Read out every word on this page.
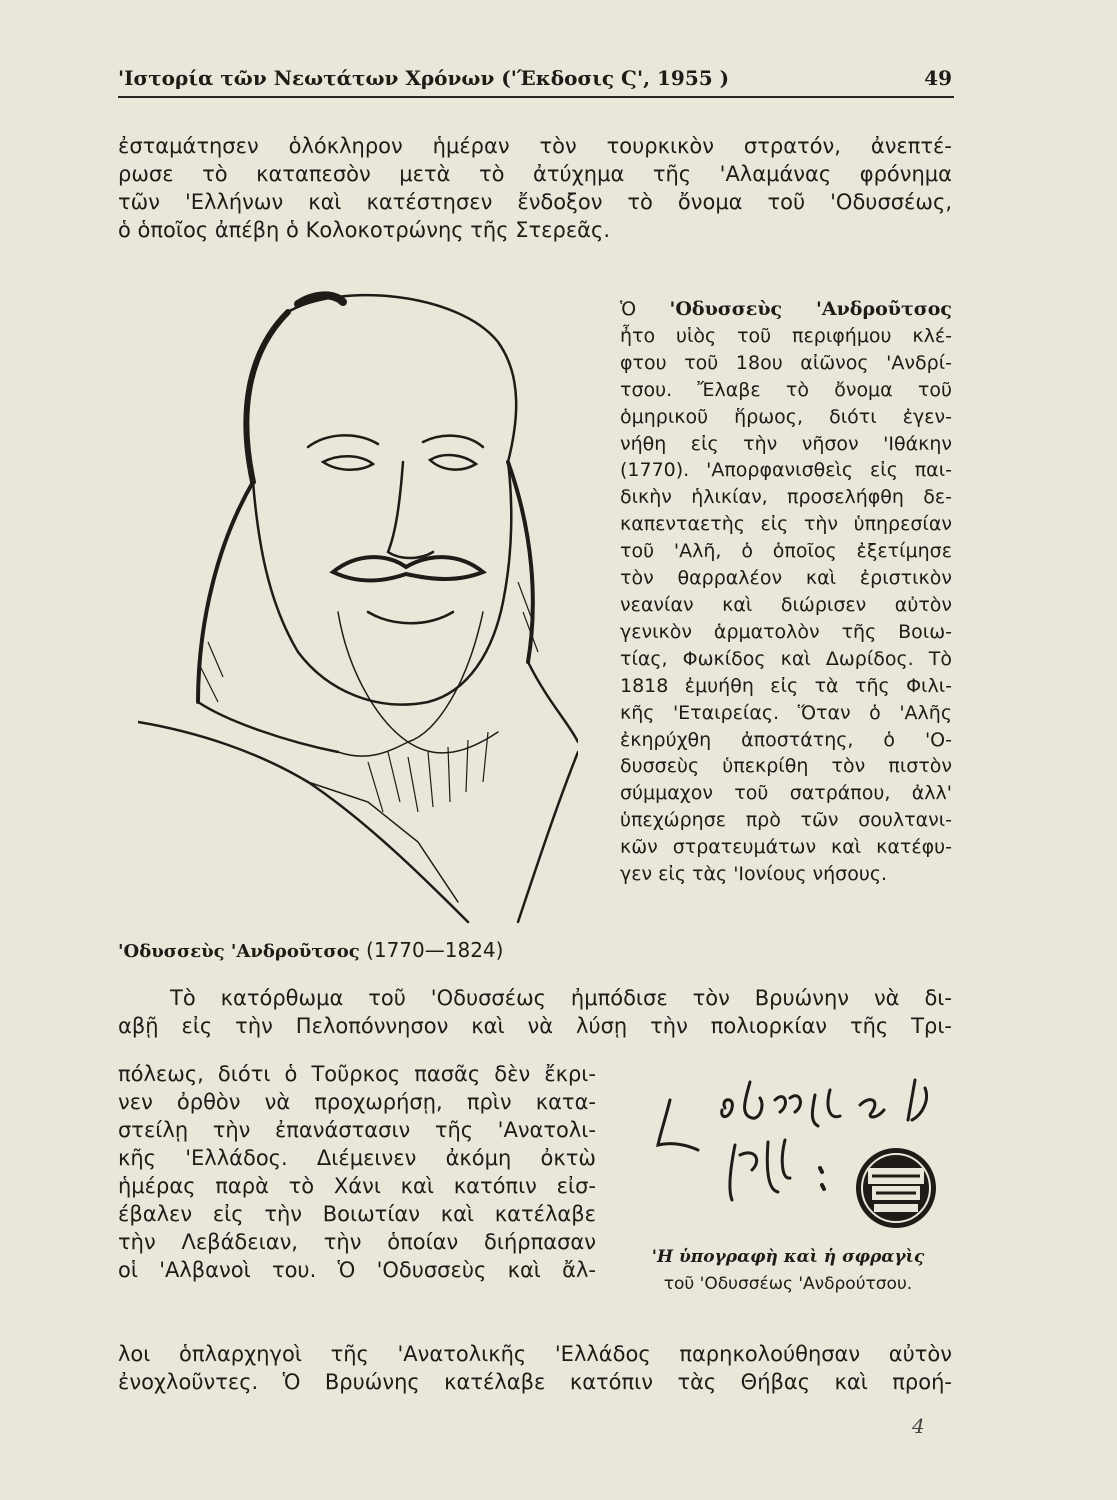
'Ιστορία τῶν Νεωτάτων Χρόνων ('Έκδοσις Ϛ', 1955 )	49
ἐσταμάτησεν ὁλόκληρον ἡμέραν τὸν τουρκικὸν στρατόν, ἀνεπτέ-
ρωσε τὸ καταπεσὸν μετὰ τὸ ἀτύχημα τῆς 'Αλαμάνας φρόνημα
τῶν 'Ελλήνων καὶ κατέστησεν ἔνδοξον τὸ ὄνομα τοῦ 'Οδυσσέως,
ὁ ὁποῖος ἀπέβη ὁ Κολοκοτρώνης τῆς Στερεᾶς.
'Οδυσσεὺς 'Ανδροῦτσος (1770—1824)
Ὁ 'Οδυσσεὺς 'Ανδροῦτσος
ἦτο υἱὸς τοῦ περιφήμου κλέ-
φτου τοῦ 18ου αἰῶνος 'Ανδρί-
τσου. Ἔλαβε τὸ ὄνομα τοῦ
ὁμηρικοῦ ἥρωος, διότι ἐγεν-
νήθη εἰς τὴν νῆσον 'Ιθάκην
(1770). 'Απορφανισθεὶς εἰς παι-
δικὴν ἡλικίαν, προσελήφθη δε-
καπενταετὴς εἰς τὴν ὑπηρεσίαν
τοῦ 'Αλῆ, ὁ ὁποῖος ἐξετίμησε
τὸν θαρραλέον καὶ ἐριστικὸν
νεανίαν καὶ διώρισεν αὐτὸν
γενικὸν ἁρματολὸν τῆς Βοιω-
τίας, Φωκίδος καὶ Δωρίδος. Τὸ
1818 ἐμυήθη εἰς τὰ τῆς Φιλι-
κῆς 'Εταιρείας. Ὅταν ὁ 'Αλῆς
ἐκηρύχθη ἀποστάτης, ὁ 'Ο-
δυσσεὺς ὑπεκρίθη τὸν πιστὸν
σύμμαχον τοῦ σατράπου, ἀλλ'
ὑπεχώρησε πρὸ τῶν σουλτανι-
κῶν στρατευμάτων καὶ κατέφυ-
γεν εἰς τὰς 'Ιονίους νήσους.
Τὸ κατόρθωμα τοῦ 'Οδυσσέως ἠμπόδισε τὸν Βρυώνην νὰ δι-
αβῇ εἰς τὴν Πελοπόννησον καὶ νὰ λύσῃ τὴν πολιορκίαν τῆς Τρι-
πόλεως, διότι ὁ Τοῦρκος πασᾶς δὲν ἔκρι-
νεν ὀρθὸν νὰ προχωρήσῃ, πρὶν κατα-
στείλῃ τὴν ἐπανάστασιν τῆς 'Ανατολι-
κῆς 'Ελλάδος. Διέμεινεν ἀκόμη ὀκτὼ
ἡμέρας παρὰ τὸ Χάνι καὶ κατόπιν εἰσ-
έβαλεν εἰς τὴν Βοιωτίαν καὶ κατέλαβε
τὴν Λεβάδειαν, τὴν ὁποίαν διήρπασαν
οἱ 'Αλβανοὶ του. Ὁ 'Οδυσσεὺς καὶ ἄλ-
λοι ὁπλαρχηγοὶ τῆς 'Ανατολικῆς 'Ελλάδος παρηκολούθησαν αὐτὸν
ἐνοχλοῦντες. Ὁ Βρυώνης κατέλαβε κατόπιν τὰς Θήβας καὶ προή-
'Η ὑπογραφὴ καὶ ἡ σφραγὶς
τοῦ 'Οδυσσέως 'Ανδρούτσου.
4
